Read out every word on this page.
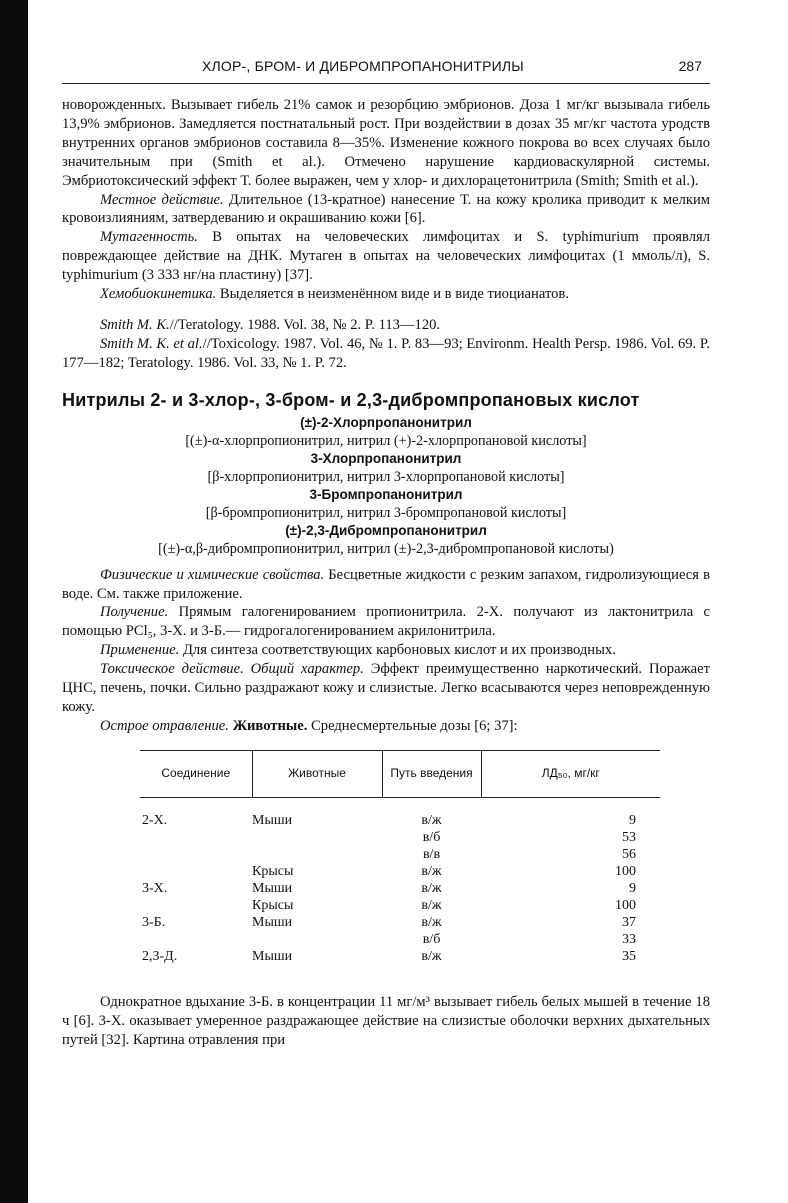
ХЛОР-, БРОМ- И ДИБРОМПРОПАНОНИТРИЛЫ	287

новорожденных. Вызывает гибель 21% самок и резорбцию эмбрионов. Доза 1 мг/кг вызывала гибель 13,9% эмбрионов. Замедляется постнатальный рост. При воздействии в дозах 35 мг/кг частота уродств внутренних органов эмбрионов составила 8—35%. Изменение кожного покрова во всех случаях было значительным при (Smith et al.). Отмечено нарушение кардиоваскулярной системы. Эмбриотоксический эффект Т. более выражен, чем у хлор- и дихлорацетонитрила (Smith; Smith et al.).

Местное действие. Длительное (13-кратное) нанесение Т. на кожу кролика приводит к мелким кровоизлияниям, затвердеванию и окрашиванию кожи [6].

Мутагенность. В опытах на человеческих лимфоцитах и S. typhimurium проявлял повреждающее действие на ДНК. Мутаген в опытах на человеческих лимфоцитах (1 ммоль/л), S. typhimurium (3 333 нг/на пластину) [37].

Хемобиокинетика. Выделяется в неизменённом виде и в виде тиоцианатов.

Smith M. K.//Teratology. 1988. Vol. 38, № 2. P. 113—120.

Smith M. K. et al.//Toxicology. 1987. Vol. 46, № 1. P. 83—93; Environm. Health Persp. 1986. Vol. 69. P. 177—182; Teratology. 1986. Vol. 33, № 1. P. 72.

Нитрилы 2- и 3-хлор-, 3-бром- и 2,3-дибромпропановых кислот
(±)-2-Хлорпропанонитрил
[(±)-α-хлорпропионитрил, нитрил (+)-2-хлорпропановой кислоты]
3-Хлорпропанонитрил
[β-хлорпропионитрил, нитрил 3-хлорпропановой кислоты]
3-Бромпропанонитрил
[β-бромпропионитрил, нитрил 3-бромпропановой кислоты]
(±)-2,3-Дибромпропанонитрил
[(±)-α,β-дибромпропионитрил, нитрил (±)-2,3-дибромпропановой кислоты)

Физические и химические свойства. Бесцветные жидкости с резким запахом, гидролизующиеся в воде. См. также приложение.

Получение. Прямым галогенированием пропионитрила. 2-Х. получают из лактонитрила с помощью PCl₅, 3-Х. и 3-Б.— гидрогалогенированием акрилонитрила.

Применение. Для синтеза соответствующих карбоновых кислот и их производных.

Токсическое действие. Общий характер. Эффект преимущественно наркотический. Поражает ЦНС, печень, почки. Сильно раздражают кожу и слизистые. Легко всасываются через неповрежденную кожу.

Острое отравление. Животные. Среднесмертельные дозы [6; 37]:

Соединение	Животные	Путь введения	ЛД₅₀, мг/кг
2-Х.	Мыши	в/ж	9
		в/б	53
		в/в	56
	Крысы	в/ж	100
3-Х.	Мыши	в/ж	9
	Крысы	в/ж	100
3-Б.	Мыши	в/ж	37
		в/б	33
2,3-Д.	Мыши	в/ж	35

Однократное вдыхание 3-Б. в концентрации 11 мг/м³ вызывает гибель белых мышей в течение 18 ч [6]. 3-Х. оказывает умеренное раздражающее действие на слизистые оболочки верхних дыхательных путей [32]. Картина отравления при
